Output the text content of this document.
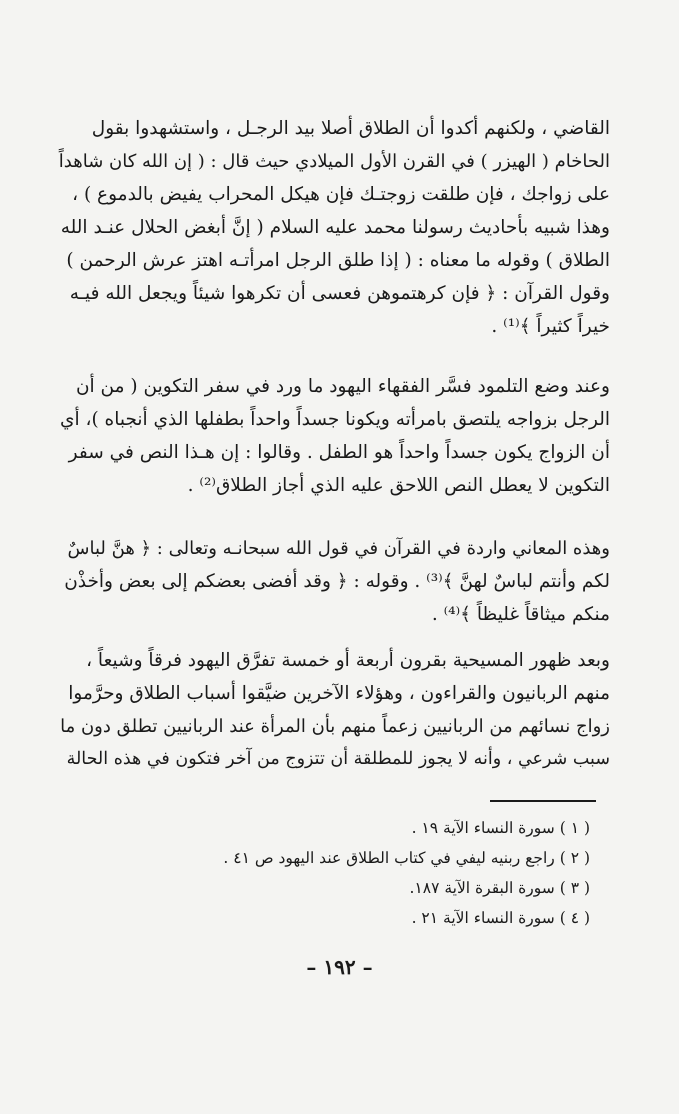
القاضي ، ولكنهم أكدوا أن الطلاق أصلا بيد الرجـل ، واستشهدوا بقول
الحاخام ( الهيزر ) في القرن الأول الميلادي حيث قال : ( إن الله كان شاهداً
على زواجك ، فإن طلقت زوجتـك فإن هيكل المحراب يفيض بالدموع ) ،
وهذا شبيه بأحاديث رسولنا محمد عليه السلام ( إنَّ أبغض الحلال عنـد الله
الطلاق ) وقوله ما معناه : ( إذا طلق الرجل امرأتـه اهتز عرش الرحمن )
وقول القرآن : ﴿ فإن كرهتموهن فعسى أن تكرهوا شيئاً ويجعل الله فيـه
خيراً كثيراً ﴾⁽¹⁾ .
وعند وضع التلمود فسَّر الفقهاء اليهود ما ورد في سفر التكوين ( من أن
الرجل بزواجه يلتصق بامرأته ويكونا جسداً واحداً بطفلها الذي أنجباه )، أي
أن الزواج يكون جسداً واحداً هو الطفل . وقالوا : إن هـذا النص في سفر
التكوين لا يعطل النص اللاحق عليه الذي أجاز الطلاق⁽²⁾ .
وهذه المعاني واردة في القرآن في قول الله سبحانـه وتعالى : ﴿ هنَّ لباسٌ
لكم وأنتم لباسٌ لهنَّ ﴾⁽³⁾ . وقوله : ﴿ وقد أفضى بعضكم إلى بعض وأخذْن
منكم ميثاقاً غليظاً ﴾⁽⁴⁾ .
وبعد ظهور المسيحية بقرون أربعة أو خمسة تفرَّق اليهود فرقاً وشيعاً ،
منهم الربانيون والقراءون ، وهؤلاء الآخرين ضيَّقوا أسباب الطلاق وحرَّموا
زواج نسائهم من الربانيين زعماً منهم بأن المرأة عند الربانيين تطلق دون ما
سبب شرعي ، وأنه لا يجوز للمطلقة أن تتزوج من آخر فتكون في هذه الحالة
( ١ ) سورة النساء الآية ١٩ .
( ٢ ) راجع ربنيه ليفي في كتاب الطلاق عند اليهود ص ٤١ .
( ٣ ) سورة البقرة الآية ١٨٧.
( ٤ ) سورة النساء الآية ٢١ .
– ١٩٢ –
